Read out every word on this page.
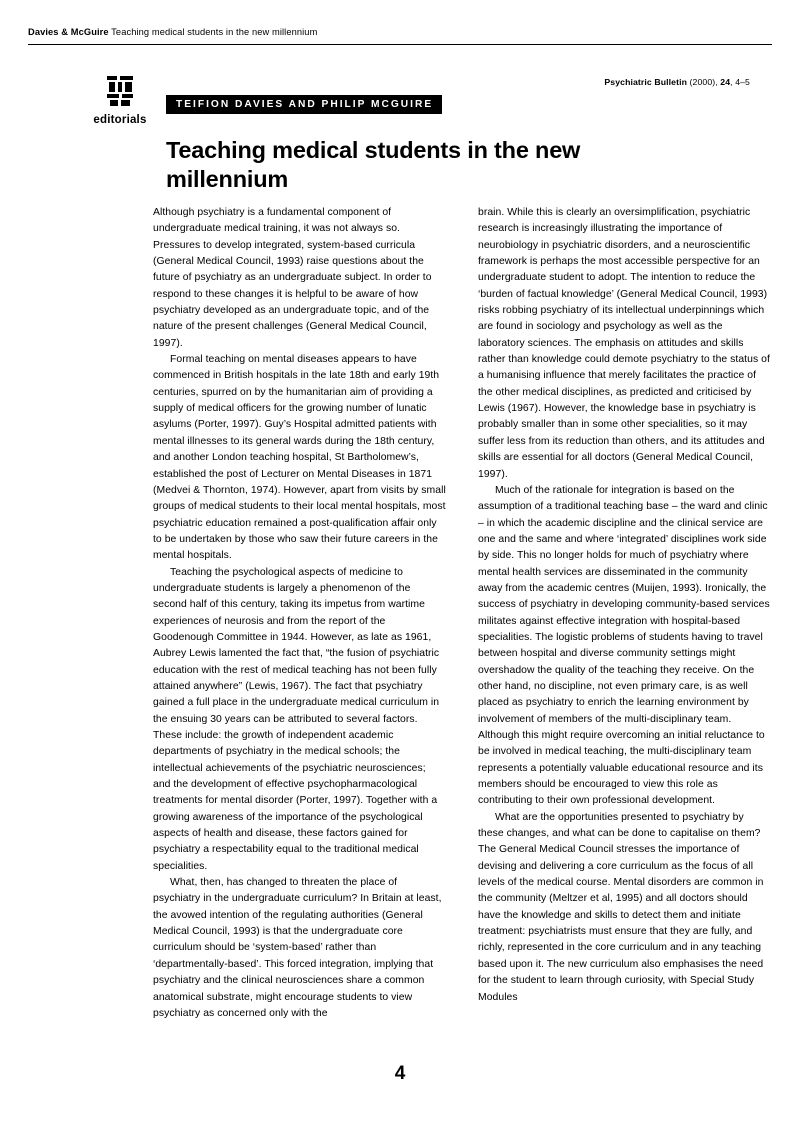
Davies & McGuire Teaching medical students in the new millennium
Psychiatric Bulletin (2000), 24, 4–5
editorials
TEIFION DAVIES AND PHILIP MCGUIRE
Teaching medical students in the new millennium

Although psychiatry is a fundamental component of undergraduate medical training, it was not always so. Pressures to develop integrated, system-based curricula (General Medical Council, 1993) raise questions about the future of psychiatry as an undergraduate subject. In order to respond to these changes it is helpful to be aware of how psychiatry developed as an undergraduate topic, and of the nature of the present challenges (General Medical Council, 1997).

Formal teaching on mental diseases appears to have commenced in British hospitals in the late 18th and early 19th centuries, spurred on by the humanitarian aim of providing a supply of medical officers for the growing number of lunatic asylums (Porter, 1997). Guy’s Hospital admitted patients with mental illnesses to its general wards during the 18th century, and another London teaching hospital, St Bartholomew’s, established the post of Lecturer on Mental Diseases in 1871 (Medvei & Thornton, 1974). However, apart from visits by small groups of medical students to their local mental hospitals, most psychiatric education remained a post-qualification affair only to be undertaken by those who saw their future careers in the mental hospitals.

Teaching the psychological aspects of medicine to undergraduate students is largely a phenomenon of the second half of this century, taking its impetus from wartime experiences of neurosis and from the report of the Goodenough Committee in 1944. However, as late as 1961, Aubrey Lewis lamented the fact that, “the fusion of psychiatric education with the rest of medical teaching has not been fully attained anywhere” (Lewis, 1967). The fact that psychiatry gained a full place in the undergraduate medical curriculum in the ensuing 30 years can be attributed to several factors. These include: the growth of independent academic departments of psychiatry in the medical schools; the intellectual achievements of the psychiatric neurosciences; and the development of effective psychopharmacological treatments for mental disorder (Porter, 1997). Together with a growing awareness of the importance of the psychological aspects of health and disease, these factors gained for psychiatry a respectability equal to the traditional medical specialities.

What, then, has changed to threaten the place of psychiatry in the undergraduate curriculum? In Britain at least, the avowed intention of the regulating authorities (General Medical Council, 1993) is that the undergraduate core curriculum should be ‘system-based’ rather than ‘departmentally-based’. This forced integration, implying that psychiatry and the clinical neurosciences share a common anatomical substrate, might encourage students to view psychiatry as concerned only with the

brain. While this is clearly an oversimplification, psychiatric research is increasingly illustrating the importance of neurobiology in psychiatric disorders, and a neuroscientific framework is perhaps the most accessible perspective for an undergraduate student to adopt. The intention to reduce the ‘burden of factual knowledge’ (General Medical Council, 1993) risks robbing psychiatry of its intellectual underpinnings which are found in sociology and psychology as well as the laboratory sciences. The emphasis on attitudes and skills rather than knowledge could demote psychiatry to the status of a humanising influence that merely facilitates the practice of the other medical disciplines, as predicted and criticised by Lewis (1967). However, the knowledge base in psychiatry is probably smaller than in some other specialities, so it may suffer less from its reduction than others, and its attitudes and skills are essential for all doctors (General Medical Council, 1997).

Much of the rationale for integration is based on the assumption of a traditional teaching base – the ward and clinic – in which the academic discipline and the clinical service are one and the same and where ‘integrated’ disciplines work side by side. This no longer holds for much of psychiatry where mental health services are disseminated in the community away from the academic centres (Muijen, 1993). Ironically, the success of psychiatry in developing community-based services militates against effective integration with hospital-based specialities. The logistic problems of students having to travel between hospital and diverse community settings might overshadow the quality of the teaching they receive. On the other hand, no discipline, not even primary care, is as well placed as psychiatry to enrich the learning environment by involvement of members of the multi-disciplinary team. Although this might require overcoming an initial reluctance to be involved in medical teaching, the multi-disciplinary team represents a potentially valuable educational resource and its members should be encouraged to view this role as contributing to their own professional development.

What are the opportunities presented to psychiatry by these changes, and what can be done to capitalise on them? The General Medical Council stresses the importance of devising and delivering a core curriculum as the focus of all levels of the medical course. Mental disorders are common in the community (Meltzer et al, 1995) and all doctors should have the knowledge and skills to detect them and initiate treatment: psychiatrists must ensure that they are fully, and richly, represented in the core curriculum and in any teaching based upon it. The new curriculum also emphasises the need for the student to learn through curiosity, with Special Study Modules

4
